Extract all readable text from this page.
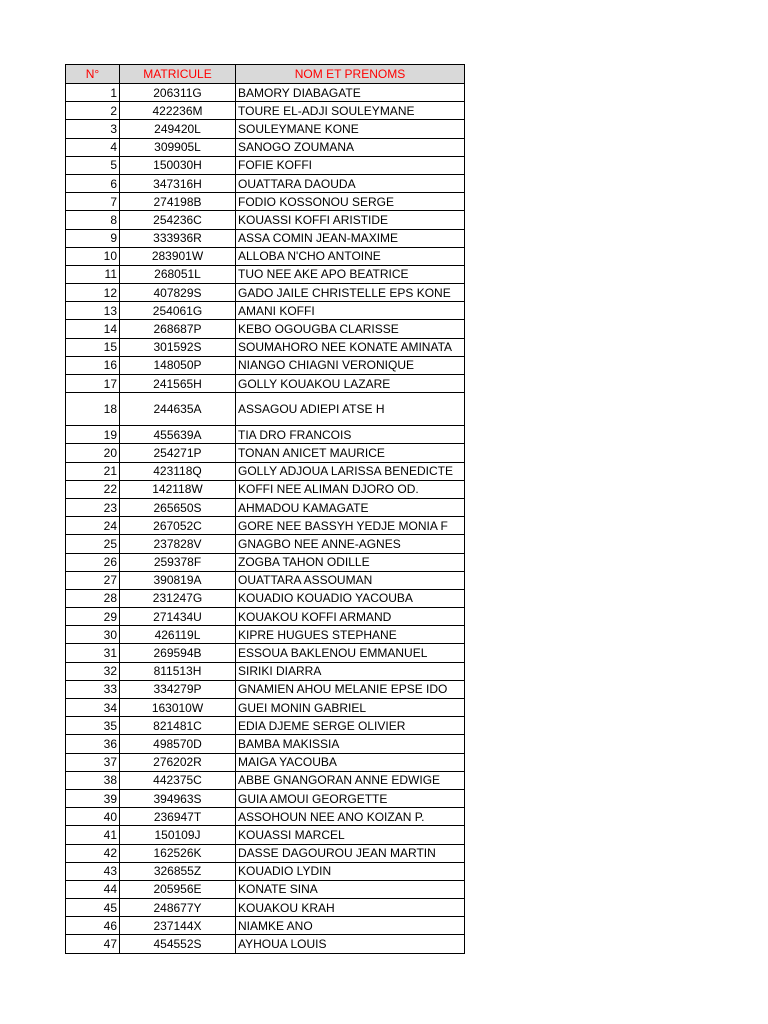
N°	MATRICULE	NOM ET PRENOMS
1	206311G	BAMORY DIABAGATE
2	422236M	TOURE EL-ADJI SOULEYMANE
3	249420L	SOULEYMANE KONE
4	309905L	SANOGO ZOUMANA
5	150030H	FOFIE KOFFI
6	347316H	OUATTARA DAOUDA
7	274198B	FODIO KOSSONOU SERGE
8	254236C	KOUASSI KOFFI ARISTIDE
9	333936R	ASSA COMIN JEAN-MAXIME
10	283901W	ALLOBA N'CHO ANTOINE
11	268051L	TUO NEE AKE APO BEATRICE
12	407829S	GADO JAILE CHRISTELLE EPS KONE
13	254061G	AMANI KOFFI
14	268687P	KEBO OGOUGBA CLARISSE
15	301592S	SOUMAHORO NEE KONATE AMINATA
16	148050P	NIANGO CHIAGNI VERONIQUE
17	241565H	GOLLY KOUAKOU LAZARE
18	244635A	ASSAGOU ADIEPI ATSE H
19	455639A	TIA DRO FRANCOIS
20	254271P	TONAN ANICET MAURICE
21	423118Q	GOLLY ADJOUA LARISSA BENEDICTE
22	142118W	KOFFI NEE ALIMAN DJORO OD.
23	265650S	AHMADOU KAMAGATE
24	267052C	GORE NEE BASSYH YEDJE MONIA F
25	237828V	GNAGBO NEE ANNE-AGNES
26	259378F	ZOGBA TAHON ODILLE
27	390819A	OUATTARA ASSOUMAN
28	231247G	KOUADIO KOUADIO YACOUBA
29	271434U	KOUAKOU KOFFI ARMAND
30	426119L	KIPRE HUGUES STEPHANE
31	269594B	ESSOUA BAKLENOU EMMANUEL
32	811513H	SIRIKI DIARRA
33	334279P	GNAMIEN AHOU MELANIE EPSE IDO
34	163010W	GUEI MONIN GABRIEL
35	821481C	EDIA DJEME SERGE OLIVIER
36	498570D	BAMBA MAKISSIA
37	276202R	MAIGA YACOUBA
38	442375C	ABBE GNANGORAN ANNE EDWIGE
39	394963S	GUIA AMOUI GEORGETTE
40	236947T	ASSOHOUN NEE ANO KOIZAN P.
41	150109J	KOUASSI MARCEL
42	162526K	DASSE DAGOUROU JEAN MARTIN
43	326855Z	KOUADIO LYDIN
44	205956E	KONATE SINA
45	248677Y	KOUAKOU KRAH
46	237144X	NIAMKE ANO
47	454552S	AYHOUA LOUIS
